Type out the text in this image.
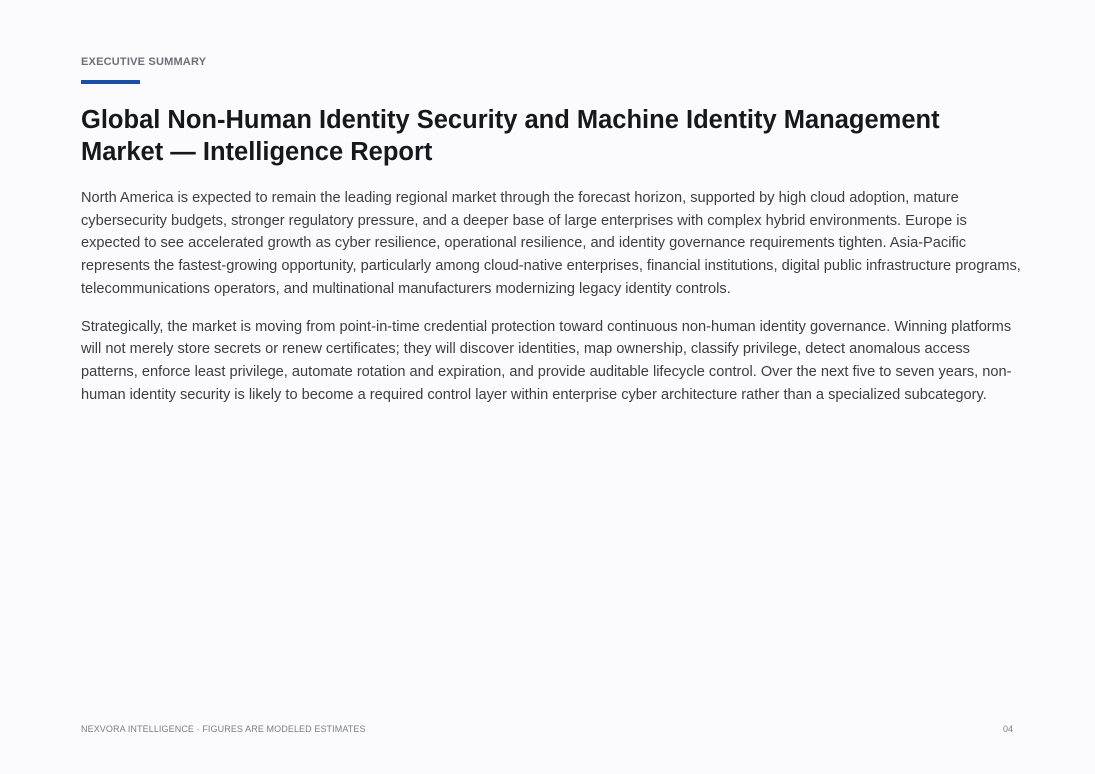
EXECUTIVE SUMMARY
Global Non-Human Identity Security and Machine Identity Management Market — Intelligence Report

North America is expected to remain the leading regional market through the forecast horizon, supported by high cloud adoption, mature cybersecurity budgets, stronger regulatory pressure, and a deeper base of large enterprises with complex hybrid environments. Europe is expected to see accelerated growth as cyber resilience, operational resilience, and identity governance requirements tighten. Asia-Pacific represents the fastest-growing opportunity, particularly among cloud-native enterprises, financial institutions, digital public infrastructure programs, telecommunications operators, and multinational manufacturers modernizing legacy identity controls.

Strategically, the market is moving from point-in-time credential protection toward continuous non-human identity governance. Winning platforms will not merely store secrets or renew certificates; they will discover identities, map ownership, classify privilege, detect anomalous access patterns, enforce least privilege, automate rotation and expiration, and provide auditable lifecycle control. Over the next five to seven years, non-human identity security is likely to become a required control layer within enterprise cyber architecture rather than a specialized subcategory.

NEXVORA INTELLIGENCE · FIGURES ARE MODELED ESTIMATES	04
